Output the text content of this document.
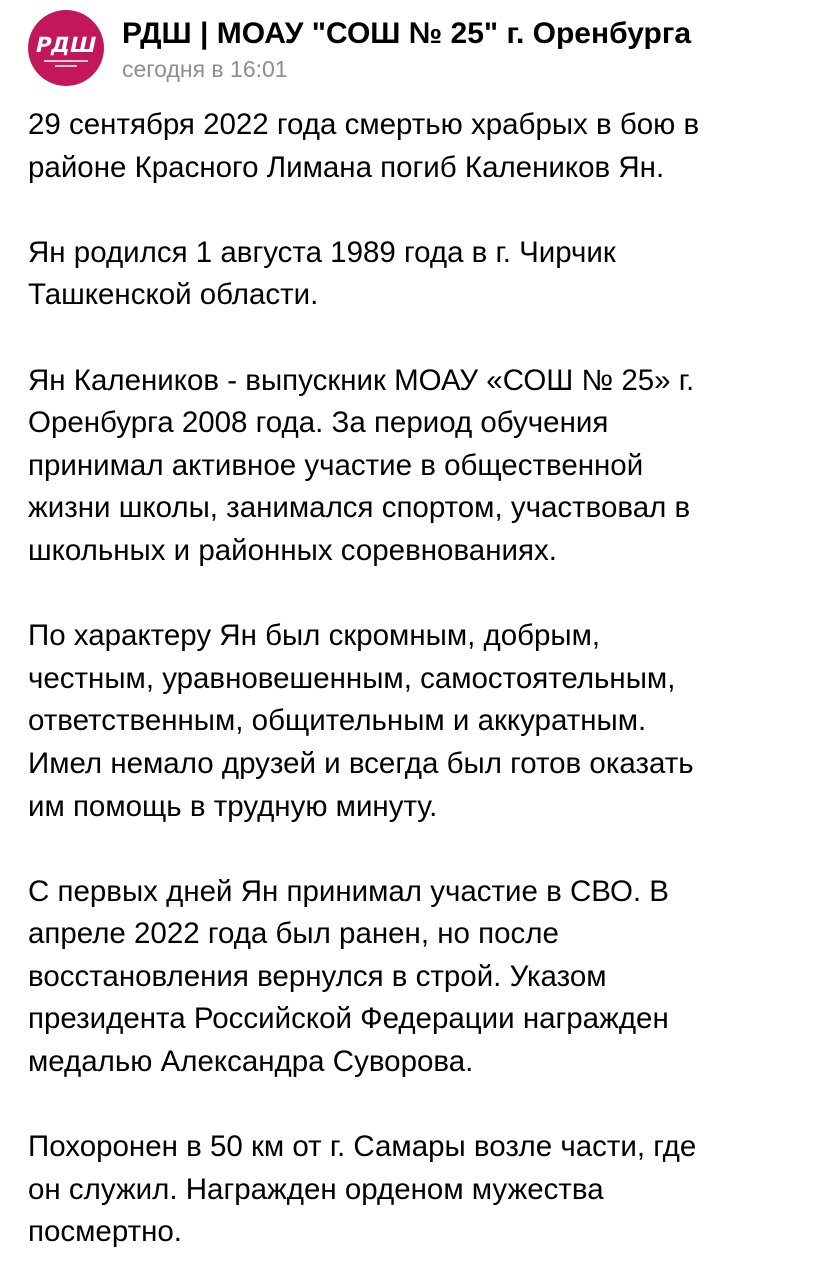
РДШ РДШ | МОАУ "СОШ № 25" г. Оренбурга
сегодня в 16:01

29 сентября 2022 года смертью храбрых в бою в
районе Красного Лимана погиб Калеников Ян.

Ян родился 1 августа 1989 года в г. Чирчик
Ташкенской области.

Ян Калеников - выпускник МОАУ «СОШ № 25» г.
Оренбурга 2008 года. За период обучения
принимал активное участие в общественной
жизни школы, занимался спортом, участвовал в
школьных и районных соревнованиях.

По характеру Ян был скромным, добрым,
честным, уравновешенным, самостоятельным,
ответственным, общительным и аккуратным.
Имел немало друзей и всегда был готов оказать
им помощь в трудную минуту.

С первых дней Ян принимал участие в СВО. В
апреле 2022 года был ранен, но после
восстановления вернулся в строй. Указом
президента Российской Федерации награжден
медалью Александра Суворова.

Похоронен в 50 км от г. Самары возле части, где
он служил. Награжден орденом мужества
посмертно.
